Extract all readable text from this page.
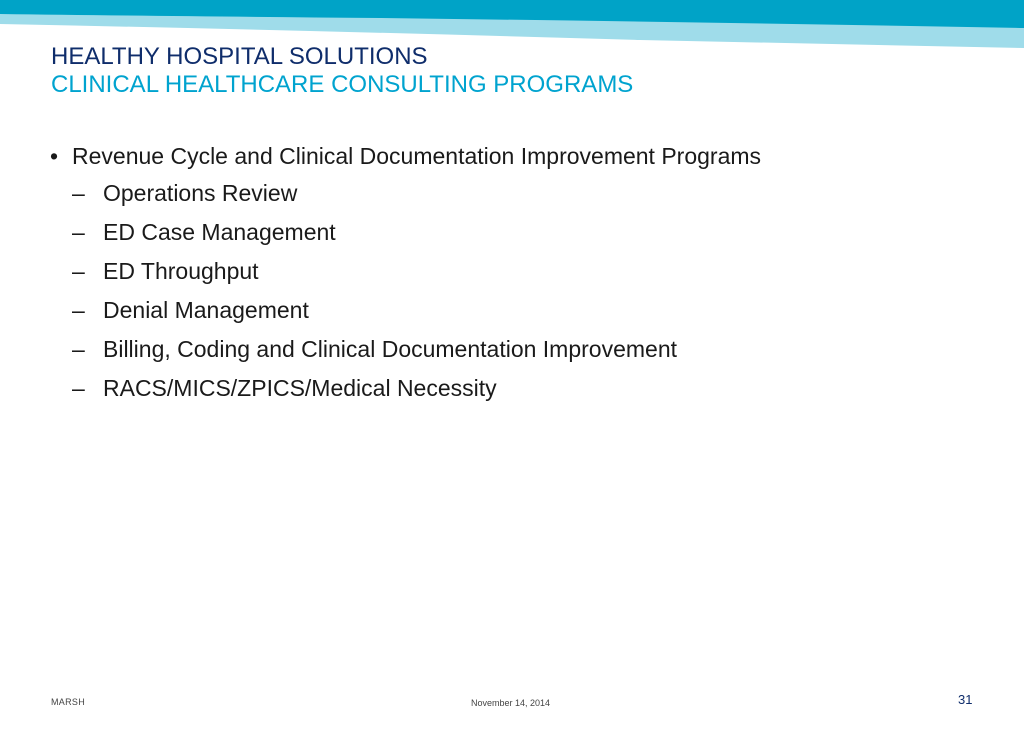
HEALTHY HOSPITAL SOLUTIONS
CLINICAL HEALTHCARE CONSULTING PROGRAMS
• Revenue Cycle and Clinical Documentation Improvement Programs
– Operations Review
– ED Case Management
– ED Throughput
– Denial Management
– Billing, Coding and Clinical Documentation Improvement
– RACS/MICS/ZPICS/Medical Necessity
MARSH	November 14, 2014	31
